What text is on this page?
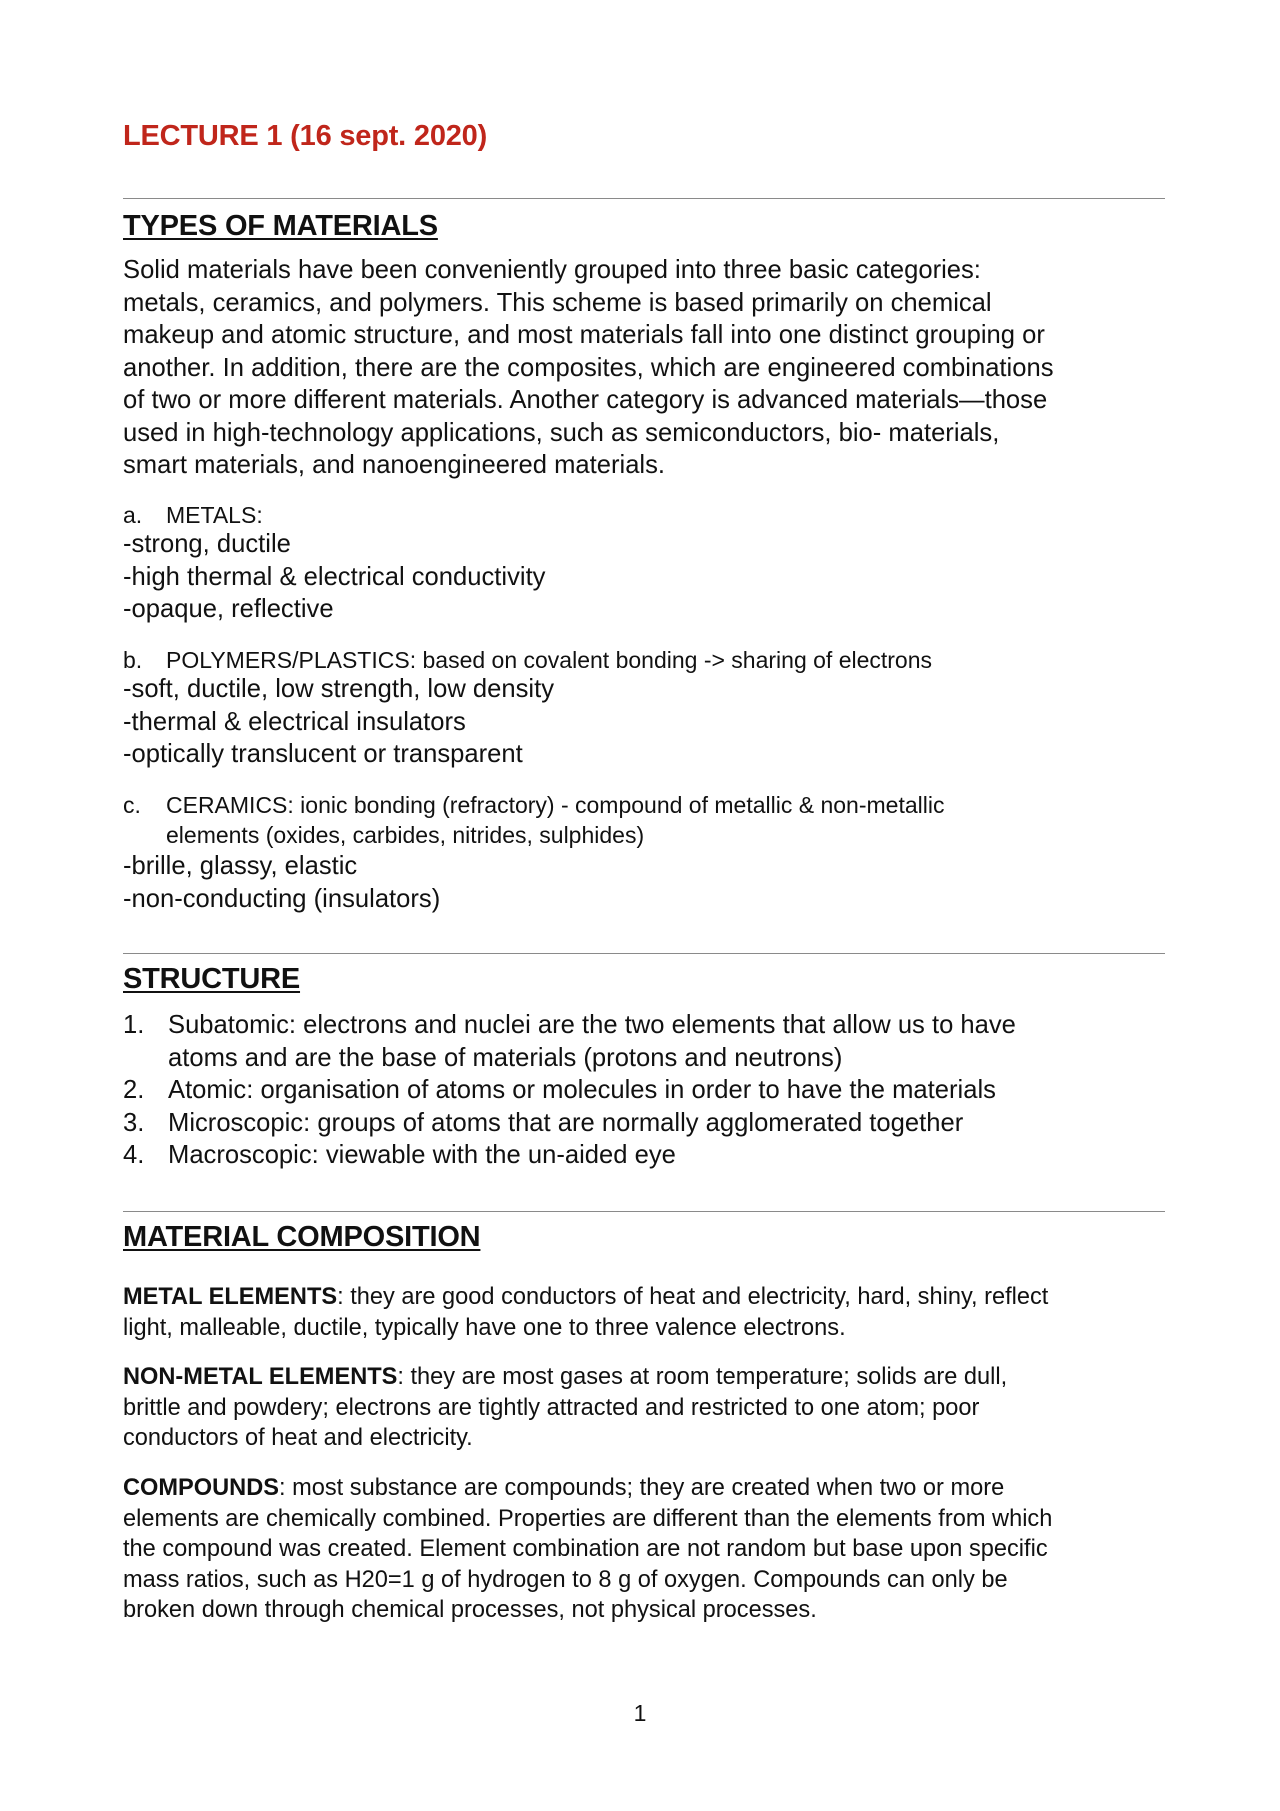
LECTURE 1 (16 sept. 2020)
TYPES OF MATERIALS
Solid materials have been conveniently grouped into three basic categories:
metals, ceramics, and polymers. This scheme is based primarily on chemical
makeup and atomic structure, and most materials fall into one distinct grouping or
another. In addition, there are the composites, which are engineered combinations
of two or more different materials. Another category is advanced materials—those
used in high-technology applications, such as semiconductors, bio- materials,
smart materials, and nanoengineered materials.
a. METALS:
-strong, ductile
-high thermal & electrical conductivity
-opaque, reflective
b. POLYMERS/PLASTICS: based on covalent bonding -> sharing of electrons
-soft, ductile, low strength, low density
-thermal & electrical insulators
-optically translucent or transparent
c. CERAMICS: ionic bonding (refractory) - compound of metallic & non-metallic
elements (oxides, carbides, nitrides, sulphides)
-brille, glassy, elastic
-non-conducting (insulators)
STRUCTURE
1. Subatomic: electrons and nuclei are the two elements that allow us to have
atoms and are the base of materials (protons and neutrons)
2. Atomic: organisation of atoms or molecules in order to have the materials
3. Microscopic: groups of atoms that are normally agglomerated together
4. Macroscopic: viewable with the un-aided eye
MATERIAL COMPOSITION
METAL ELEMENTS: they are good conductors of heat and electricity, hard, shiny, reflect
light, malleable, ductile, typically have one to three valence electrons.
NON-METAL ELEMENTS: they are most gases at room temperature; solids are dull,
brittle and powdery; electrons are tightly attracted and restricted to one atom; poor
conductors of heat and electricity.
COMPOUNDS: most substance are compounds; they are created when two or more
elements are chemically combined. Properties are different than the elements from which
the compound was created. Element combination are not random but base upon specific
mass ratios, such as H20=1 g of hydrogen to 8 g of oxygen. Compounds can only be
broken down through chemical processes, not physical processes.
1
